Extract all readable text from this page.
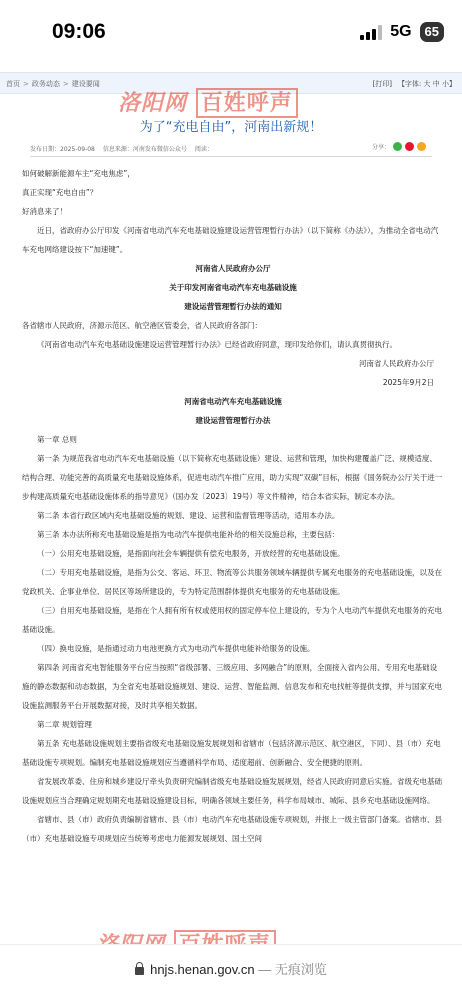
09:06	5G	65
首页 > 政务动态 > 建设要闻	[打印] 【字体: 大 中 小】
洛阳网 百姓呼声
为了“充电自由”，河南出新规！
发布日期：2025-09-08 信息来源：河南发布微信公众号 阅读：	分享：

如何破解新能源车主“充电焦虑”，

真正实现“充电自由”？

好消息来了！

近日，省政府办公厅印发《河南省电动汽车充电基础设施建设运营管理暂行办法》（以下简称《办法》），为推动全省电动汽车充电网络建设按下“加速键”。

河南省人民政府办公厅

关于印发河南省电动汽车充电基础设施

建设运营管理暂行办法的通知

各省辖市人民政府，济源示范区、航空港区管委会，省人民政府各部门：

《河南省电动汽车充电基础设施建设运营管理暂行办法》已经省政府同意，现印发给你们，请认真贯彻执行。

河南省人民政府办公厅

2025年9月2日

河南省电动汽车充电基础设施

建设运营管理暂行办法

第一章 总则

第一条 为规范我省电动汽车充电基础设施（以下简称充电基础设施）建设、运营和管理，加快构建覆盖广泛、规模适度、结构合理、功能完善的高质量充电基础设施体系，促进电动汽车推广应用，助力实现“双碳”目标，根据《国务院办公厅关于进一步构建高质量充电基础设施体系的指导意见》（国办发〔2023〕19号）等文件精神，结合本省实际，制定本办法。

第二条 本省行政区域内充电基础设施的规划、建设、运营和监督管理等活动，适用本办法。

第三条 本办法所称充电基础设施是指为电动汽车提供电能补给的相关设施总称，主要包括：

（一）公用充电基础设施，是指面向社会车辆提供有偿充电服务，开放经营的充电基础设施。

（二）专用充电基础设施，是指为公交、客运、环卫、物流等公共服务领域车辆提供专属充电服务的充电基础设施，以及在党政机关、企事业单位、居民区等场所建设的，专为特定范围群体提供充电服务的充电基础设施。

（三）自用充电基础设施，是指在个人拥有所有权或使用权的固定停车位上建设的，专为个人电动汽车提供充电服务的充电基础设施。

（四）换电设施，是指通过动力电池更换方式为电动汽车提供电能补给服务的设施。

第四条 河南省充电智能服务平台应当按照“省级部署、三级应用、多网融合”的原则，全面接入省内公用、专用充电基础设施的静态数据和动态数据，为全省充电基础设施规划、建设、运营、智能监测、信息发布和充电找桩等提供支撑，并与国家充电设施监测服务平台开展数据对接，及时共享相关数据。

第二章 规划管理

第五条 充电基础设施规划主要指省级充电基础设施发展规划和省辖市（包括济源示范区、航空港区，下同）、县（市）充电基础设施专项规划。编制充电基础设施规划应当遵循科学布局、适度超前、创新融合、安全便捷的原则。

省发展改革委、住房和城乡建设厅牵头负责研究编制省级充电基础设施发展规划，经省人民政府同意后实施。省级充电基础设施规划应当合理确定规划期充电基础设施建设目标，明确各领域主要任务，科学布局城市、城际、县乡充电基础设施网络。

省辖市、县（市）政府负责编制省辖市、县（市）电动汽车充电基础设施专项规划，并报上一级主管部门备案。省辖市、县（市）充电基础设施专项规划应当统筹考虑电力能源发展规划、国土空间

hnjs.henan.gov.cn — 无痕浏览
